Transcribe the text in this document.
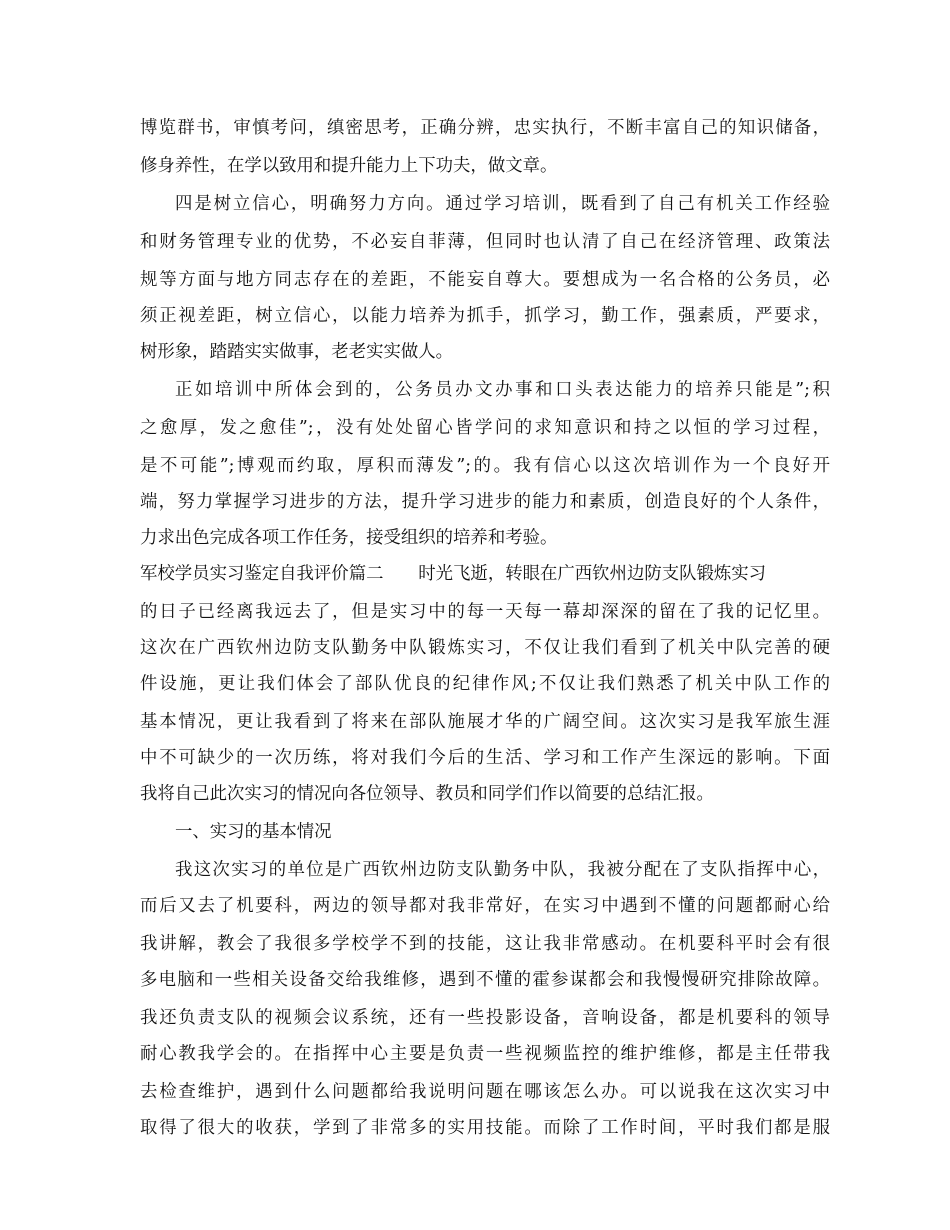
博览群书，审慎考问，缜密思考，正确分辨，忠实执行，不断丰富自己的知识储备，
修身养性，在学以致用和提升能力上下功夫，做文章。
四是树立信心，明确努力方向。通过学习培训，既看到了自己有机关工作经验
和财务管理专业的优势，不必妄自菲薄，但同时也认清了自己在经济管理、政策法
规等方面与地方同志存在的差距，不能妄自尊大。要想成为一名合格的公务员，必
须正视差距，树立信心，以能力培养为抓手，抓学习，勤工作，强素质，严要求，
树形象，踏踏实实做事，老老实实做人。
正如培训中所体会到的，公务员办文办事和口头表达能力的培养只能是”;积
之愈厚，发之愈佳”;，没有处处留心皆学问的求知意识和持之以恒的学习过程，
是不可能”;博观而约取，厚积而薄发”;的。我有信心以这次培训作为一个良好开
端，努力掌握学习进步的方法，提升学习进步的能力和素质，创造良好的个人条件，
力求出色完成各项工作任务，接受组织的培养和考验。
军校学员实习鉴定自我评价篇二　　时光飞逝，转眼在广西钦州边防支队锻炼实习
的日子已经离我远去了，但是实习中的每一天每一幕却深深的留在了我的记忆里。
这次在广西钦州边防支队勤务中队锻炼实习，不仅让我们看到了机关中队完善的硬
件设施，更让我们体会了部队优良的纪律作风;不仅让我们熟悉了机关中队工作的
基本情况，更让我看到了将来在部队施展才华的广阔空间。这次实习是我军旅生涯
中不可缺少的一次历练，将对我们今后的生活、学习和工作产生深远的影响。下面
我将自己此次实习的情况向各位领导、教员和同学们作以简要的总结汇报。
一、实习的基本情况
我这次实习的单位是广西钦州边防支队勤务中队，我被分配在了支队指挥中心，
而后又去了机要科，两边的领导都对我非常好，在实习中遇到不懂的问题都耐心给
我讲解，教会了我很多学校学不到的技能，这让我非常感动。在机要科平时会有很
多电脑和一些相关设备交给我维修，遇到不懂的霍参谋都会和我慢慢研究排除故障。
我还负责支队的视频会议系统，还有一些投影设备，音响设备，都是机要科的领导
耐心教我学会的。在指挥中心主要是负责一些视频监控的维护维修，都是主任带我
去检查维护，遇到什么问题都给我说明问题在哪该怎么办。可以说我在这次实习中
取得了很大的收获，学到了非常多的实用技能。而除了工作时间，平时我们都是服
